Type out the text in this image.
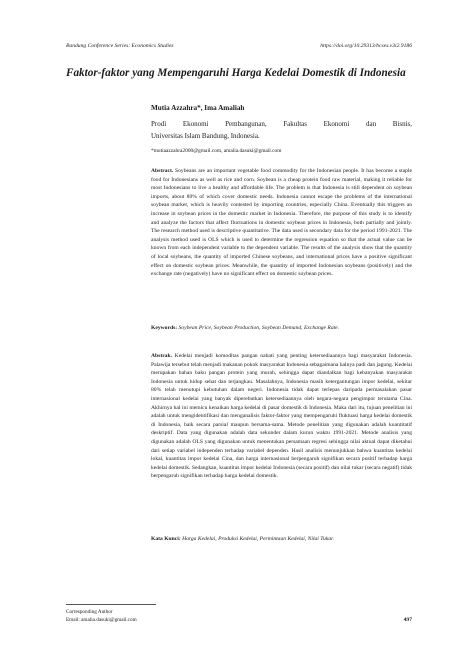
Bandung Conference Series: Economics Studies	https://doi.org/10.29313/bcses.v3i2.9186
Faktor-faktor yang Mempengaruhi Harga Kedelai Domestik di Indonesia
Mutia Azzahra*, Ima Amaliah
Prodi Ekonomi Pembangunan, Fakultas Ekonomi dan Bisnis,
Universitas Islam Bandung, Indonesia.
*mutiaazzahra2000@gmail.com, amalia.dasuki@gmail.com
Abstract. Soybeans are an important vegetable food commodity for the Indonesian people. It has become a staple food for Indonesians as well as rice and corn. Soybean is a cheap protein food raw material, making it reliable for most Indonesians to live a healthy and affordable life. The problem is that Indonesia is still dependent on soybean imports, about 80% of which cover domestic needs. Indonesia cannot escape the problems of the international soybean market, which is heavily contested by importing countries, especially China. Eventually this triggers an increase in soybean prices in the domestic market in Indonesia. Therefore, the purpose of this study is to identify and analyze the factors that affect fluctuations in domestic soybean prices in Indonesia, both partially and jointly. The research method used is descriptive quantitative. The data used is secondary data for the period 1991-2021. The analysis method used is OLS which is used to determine the regression equation so that the actual value can be known from each independent variable to the dependent variable. The results of the analysis show that the quantity of local soybeans, the quantity of imported Chinese soybeans, and international prices have a positive significant effect on domestic soybean prices. Meanwhile, the quantity of imported Indonesian soybeans (positively) and the exchange rate (negatively) have no significant effect on domestic soybean prices.
Keywords: Soybean Price, Soybean Production, Soybean Demand, Exchange Rate.
Abstrak. Kedelai menjadi komoditas pangan nabati yang penting ketersediaannya bagi masyarakat Indonesia. Palawija tersebut telah menjadi makanan pokok masyarakat Indonesia sebagaimana halnya padi dan jagung. Kedelai merupakan bahan baku pangan protein yang murah, sehingga dapat diandalkan bagi kebanyakan masyarakat Indonesia untuk hidup sehat dan terjangkau. Masalahnya, Indonesia masih ketergantungan impor kedelai, sekitar 80% telah menutupi kebutuhan dalam negeri. Indonesia tidak dapat terlepas daripada permasalahan pasar internasional kedelai yang banyak diperebutkan ketersediaannya oleh negara-negara pengimpor terutama Cina. Akhirnya hal ini memicu kenaikan harga kedelai di pasar domestik di Indonesia. Maka dari itu, tujuan penelitian ini adalah untuk mengidentifikasi dan menganalisis faktor-faktor yang mempengaruhi fluktuasi harga kedelai domestik di Indonesia, baik secara parsial maupun bersama-sama. Metode penelitian yang digunakan adalah kuantitatif deskriptif. Data yang digunakan adalah data sekunder dalam kurun waktu 1991-2021. Metode analisis yang digunakan adalah OLS yang digunakan untuk menentukan persamaan regresi sehingga nilai aktual dapat diketahui dari setiap variabel independen terhadap variabel dependen. Hasil analisis menunjukkan bahwa kuantitas kedelai lokal, kuantitas impor kedelai Cina, dan harga internasional berpengaruh signifikan secara positif terhadap harga kedelai domestik. Sedangkan, kuantitas impor kedelai Indonesia (secara positif) dan nilai tukar (secara negatif) tidak berpengaruh signifikan terhadap harga kedelai domestik.
Kata Kunci: Harga Kedelai, Produksi Kedelai, Permintaan Kedelai, Nilai Tukar.
Corresponding Author
Email: amalia.dasuki@gmail.com	497
